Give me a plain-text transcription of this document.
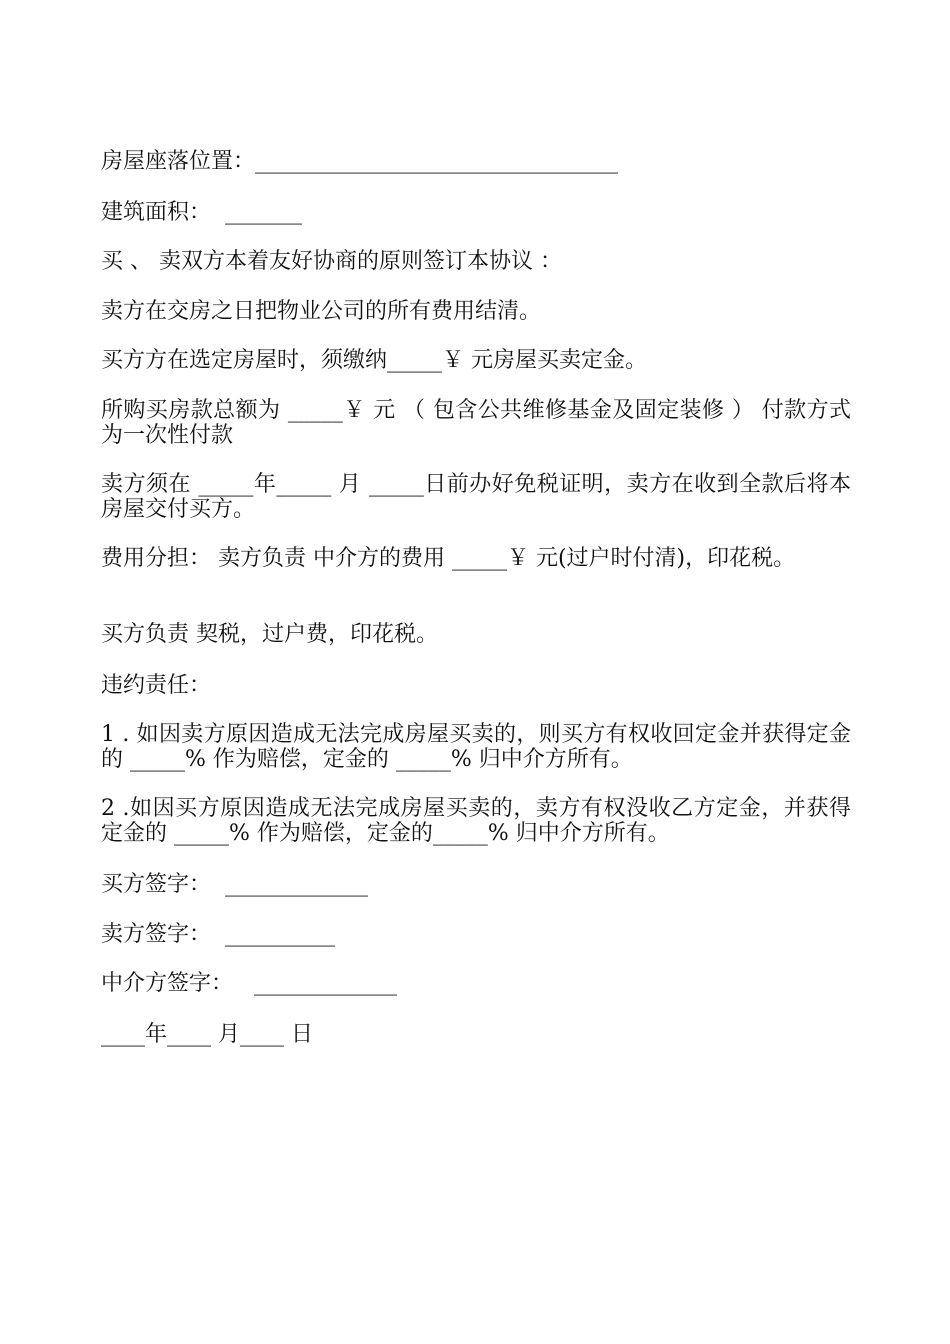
房屋座落位置：_________________________________
建筑面积：  _______
买 、 卖双方本着友好协商的原则签订本协议 ：
卖方在交房之日把物业公司的所有费用结清。
买方方在选定房屋时，须缴纳_____￥ 元房屋买卖定金。
所购买房款总额为 _____￥ 元 （ 包含公共维修基金及固定装修 ） 付款方式为一次性付款
卖方须在 _____年_____ 月 _____日前办好免税证明，卖方在收到全款后将本房屋交付买方。
费用分担： 卖方负责 中介方的费用 _____￥ 元(过户时付清)，印花税。
买方负责 契税，过户费，印花税。
违约责任：
1 . 如因卖方原因造成无法完成房屋买卖的，则买方有权收回定金并获得定金的 _____% 作为赔偿，定金的 _____% 归中介方所有。
2 .如因买方原因造成无法完成房屋买卖的，卖方有权没收乙方定金，并获得定金的 _____% 作为赔偿，定金的_____% 归中介方所有。
买方签字：  _____________
卖方签字：  __________
中介方签字：   _____________
____年____ 月____ 日
